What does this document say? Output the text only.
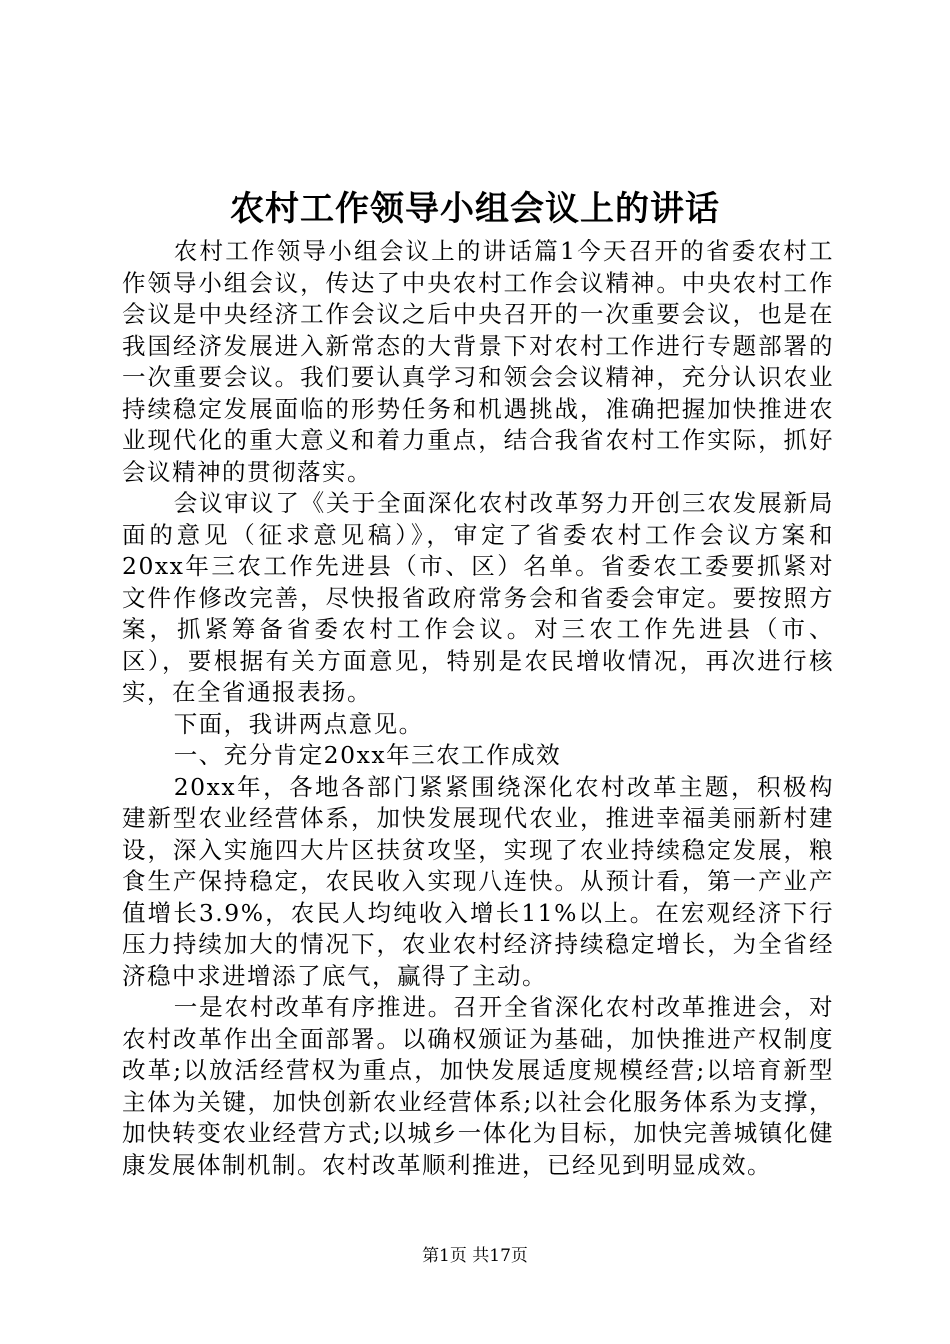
农村工作领导小组会议上的讲话

农村工作领导小组会议上的讲话篇1今天召开的省委农村工作领导小组会议，传达了中央农村工作会议精神。中央农村工作会议是中央经济工作会议之后中央召开的一次重要会议，也是在我国经济发展进入新常态的大背景下对农村工作进行专题部署的一次重要会议。我们要认真学习和领会会议精神，充分认识农业持续稳定发展面临的形势任务和机遇挑战，准确把握加快推进农业现代化的重大意义和着力重点，结合我省农村工作实际，抓好会议精神的贯彻落实。

会议审议了《关于全面深化农村改革努力开创三农发展新局面的意见（征求意见稿）》，审定了省委农村工作会议方案和20xx年三农工作先进县（市、区）名单。省委农工委要抓紧对文件作修改完善，尽快报省政府常务会和省委会审定。要按照方案，抓紧筹备省委农村工作会议。对三农工作先进县（市、区），要根据有关方面意见，特别是农民增收情况，再次进行核实，在全省通报表扬。

下面，我讲两点意见。

一、充分肯定20xx年三农工作成效

20xx年，各地各部门紧紧围绕深化农村改革主题，积极构建新型农业经营体系，加快发展现代农业，推进幸福美丽新村建设，深入实施四大片区扶贫攻坚，实现了农业持续稳定发展，粮食生产保持稳定，农民收入实现八连快。从预计看，第一产业产值增长3.9%，农民人均纯收入增长11%以上。在宏观经济下行压力持续加大的情况下，农业农村经济持续稳定增长，为全省经济稳中求进增添了底气，赢得了主动。

一是农村改革有序推进。召开全省深化农村改革推进会，对农村改革作出全面部署。以确权颁证为基础，加快推进产权制度改革;以放活经营权为重点，加快发展适度规模经营;以培育新型主体为关键，加快创新农业经营体系;以社会化服务体系为支撑，加快转变农业经营方式;以城乡一体化为目标，加快完善城镇化健康发展体制机制。农村改革顺利推进，已经见到明显成效。

第1页 共17页
